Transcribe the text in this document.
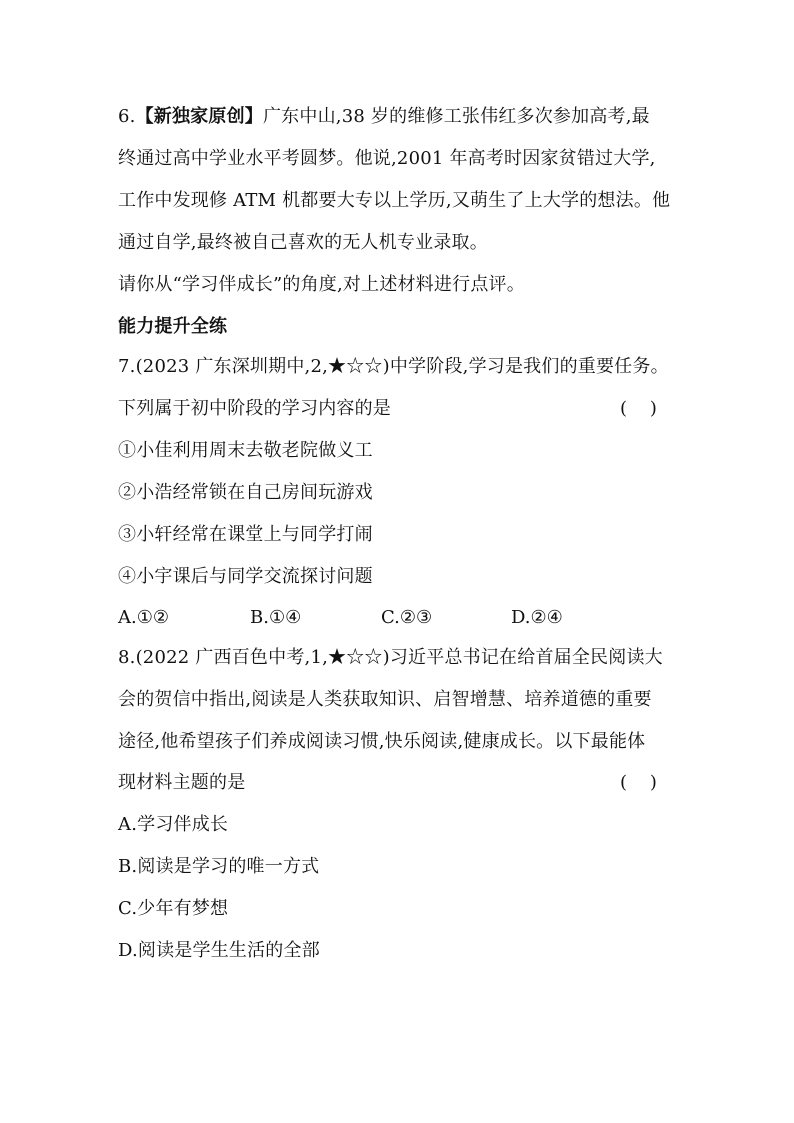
6.【新独家原创】广东中山,38 岁的维修工张伟红多次参加高考,最
终通过高中学业水平考圆梦。他说,2001 年高考时因家贫错过大学,
工作中发现修 ATM 机都要大专以上学历,又萌生了上大学的想法。他
通过自学,最终被自己喜欢的无人机专业录取。
请你从“学习伴成长”的角度,对上述材料进行点评。
能力提升全练
7.(2023 广东深圳期中,2,★☆☆)中学阶段,学习是我们的重要任务。
下列属于初中阶段的学习内容的是	(    )
①小佳利用周末去敬老院做义工
②小浩经常锁在自己房间玩游戏
③小轩经常在课堂上与同学打闹
④小宇课后与同学交流探讨问题
A.①②	B.①④	C.②③	D.②④
8.(2022 广西百色中考,1,★☆☆)习近平总书记在给首届全民阅读大
会的贺信中指出,阅读是人类获取知识、启智增慧、培养道德的重要
途径,他希望孩子们养成阅读习惯,快乐阅读,健康成长。以下最能体
现材料主题的是	(    )
A.学习伴成长
B.阅读是学习的唯一方式
C.少年有梦想
D.阅读是学生生活的全部
